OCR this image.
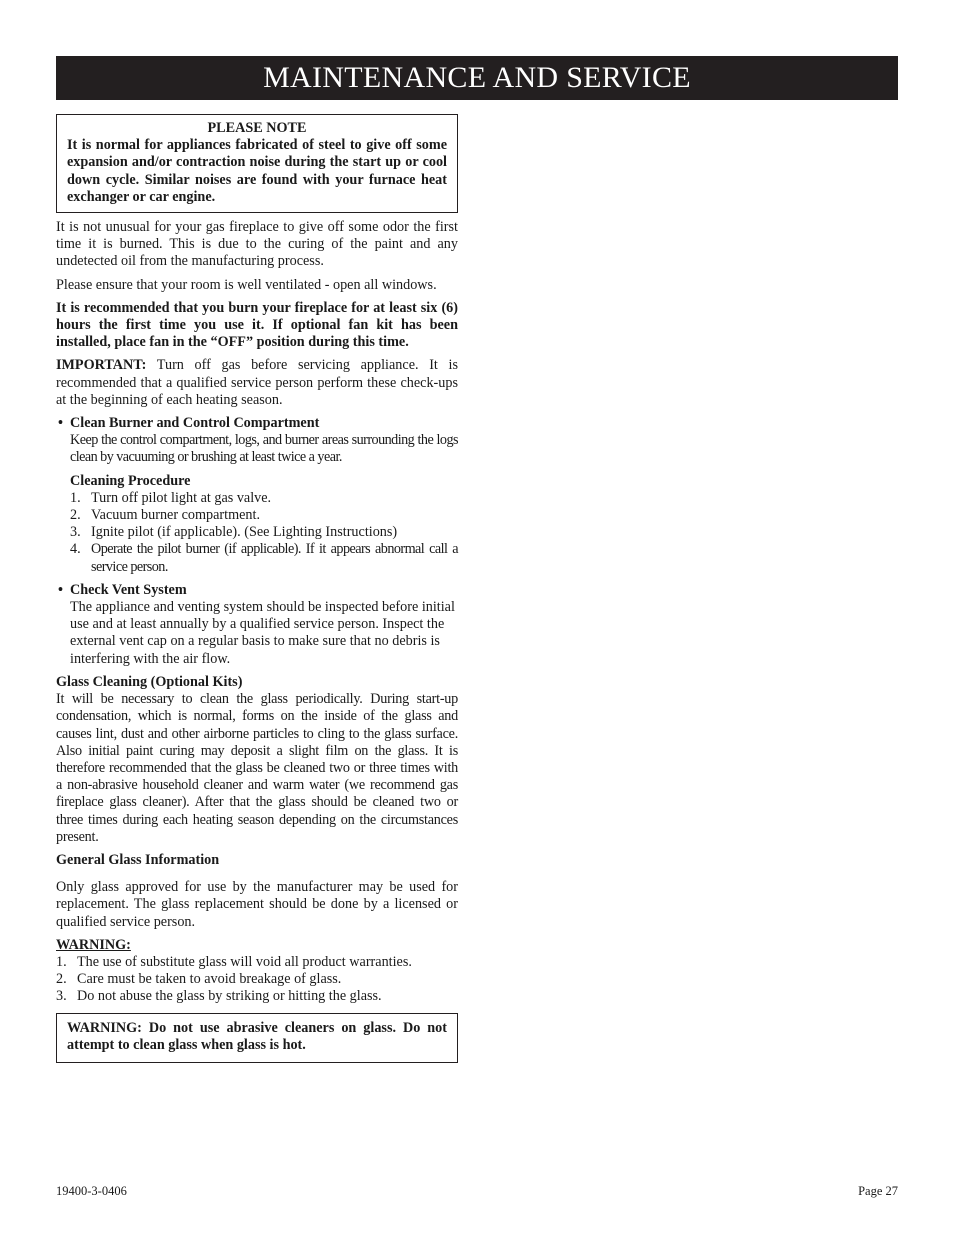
MAINTENANCE AND SERVICE
PLEASE NOTE
It is normal for appliances fabricated of steel to give off some expansion and/or contraction noise during the start up or cool down cycle. Similar noises are found with your furnace heat exchanger or car engine.

It is not unusual for your gas fireplace to give off some odor the first time it is burned. This is due to the curing of the paint and any undetected oil from the manufacturing process.

Please ensure that your room is well ventilated - open all windows.

It is recommended that you burn your fireplace for at least six (6) hours the first time you use it. If optional fan kit has been installed, place fan in the “OFF” position during this time.

IMPORTANT: Turn off gas before servicing appliance. It is recommended that a qualified service person perform these check-ups at the beginning of each heating season.

• Clean Burner and Control Compartment
Keep the control compartment, logs, and burner areas surrounding the logs clean by vacuuming or brushing at least twice a year.
Cleaning Procedure
1. Turn off pilot light at gas valve.
2. Vacuum burner compartment.
3. Ignite pilot (if applicable). (See Lighting Instructions)
4. Operate the pilot burner (if applicable). If it appears abnormal call a service person.
• Check Vent System
The appliance and venting system should be inspected before initial use and at least annually by a qualified service person. Inspect the external vent cap on a regular basis to make sure that no debris is interfering with the air flow.
Glass Cleaning (Optional Kits)

It will be necessary to clean the glass periodically. During start-up condensation, which is normal, forms on the inside of the glass and causes lint, dust and other airborne particles to cling to the glass surface. Also initial paint curing may deposit a slight film on the glass. It is therefore recommended that the glass be cleaned two or three times with a non-abrasive household cleaner and warm water (we recommend gas fireplace glass cleaner). After that the glass should be cleaned two or three times during each heating season depending on the circumstances present.

General Glass Information

Only glass approved for use by the manufacturer may be used for replacement. The glass replacement should be done by a licensed or qualified service person.

WARNING:
1. The use of substitute glass will void all product warranties.
2. Care must be taken to avoid breakage of glass.
3. Do not abuse the glass by striking or hitting the glass.
WARNING: Do not use abrasive cleaners on glass. Do not attempt to clean glass when glass is hot.
19400-3-0406	Page 27
